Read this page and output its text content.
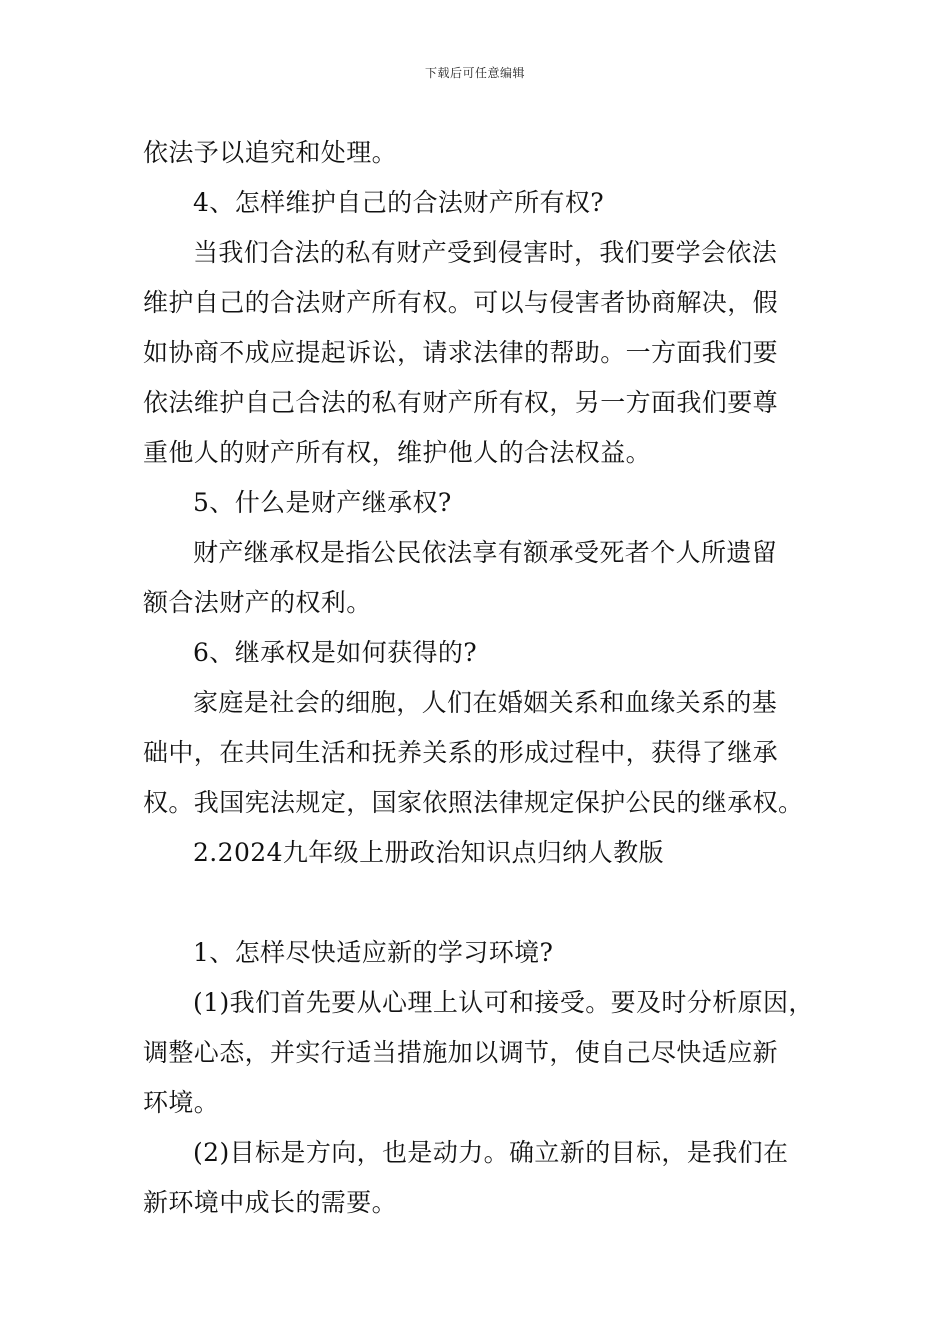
下载后可任意编辑
依法予以追究和处理。
4、怎样维护自己的合法财产所有权?
当我们合法的私有财产受到侵害时，我们要学会依法
维护自己的合法财产所有权。可以与侵害者协商解决，假
如协商不成应提起诉讼，请求法律的帮助。一方面我们要
依法维护自己合法的私有财产所有权，另一方面我们要尊
重他人的财产所有权，维护他人的合法权益。
5、什么是财产继承权?
财产继承权是指公民依法享有额承受死者个人所遗留
额合法财产的权利。
6、继承权是如何获得的?
家庭是社会的细胞，人们在婚姻关系和血缘关系的基
础中，在共同生活和抚养关系的形成过程中，获得了继承
权。我国宪法规定，国家依照法律规定保护公民的继承权。
2.2024九年级上册政治知识点归纳人教版
1、怎样尽快适应新的学习环境?
(1)我们首先要从心理上认可和接受。要及时分析原因，
调整心态，并实行适当措施加以调节，使自己尽快适应新
环境。
(2)目标是方向，也是动力。确立新的目标，是我们在
新环境中成长的需要。
